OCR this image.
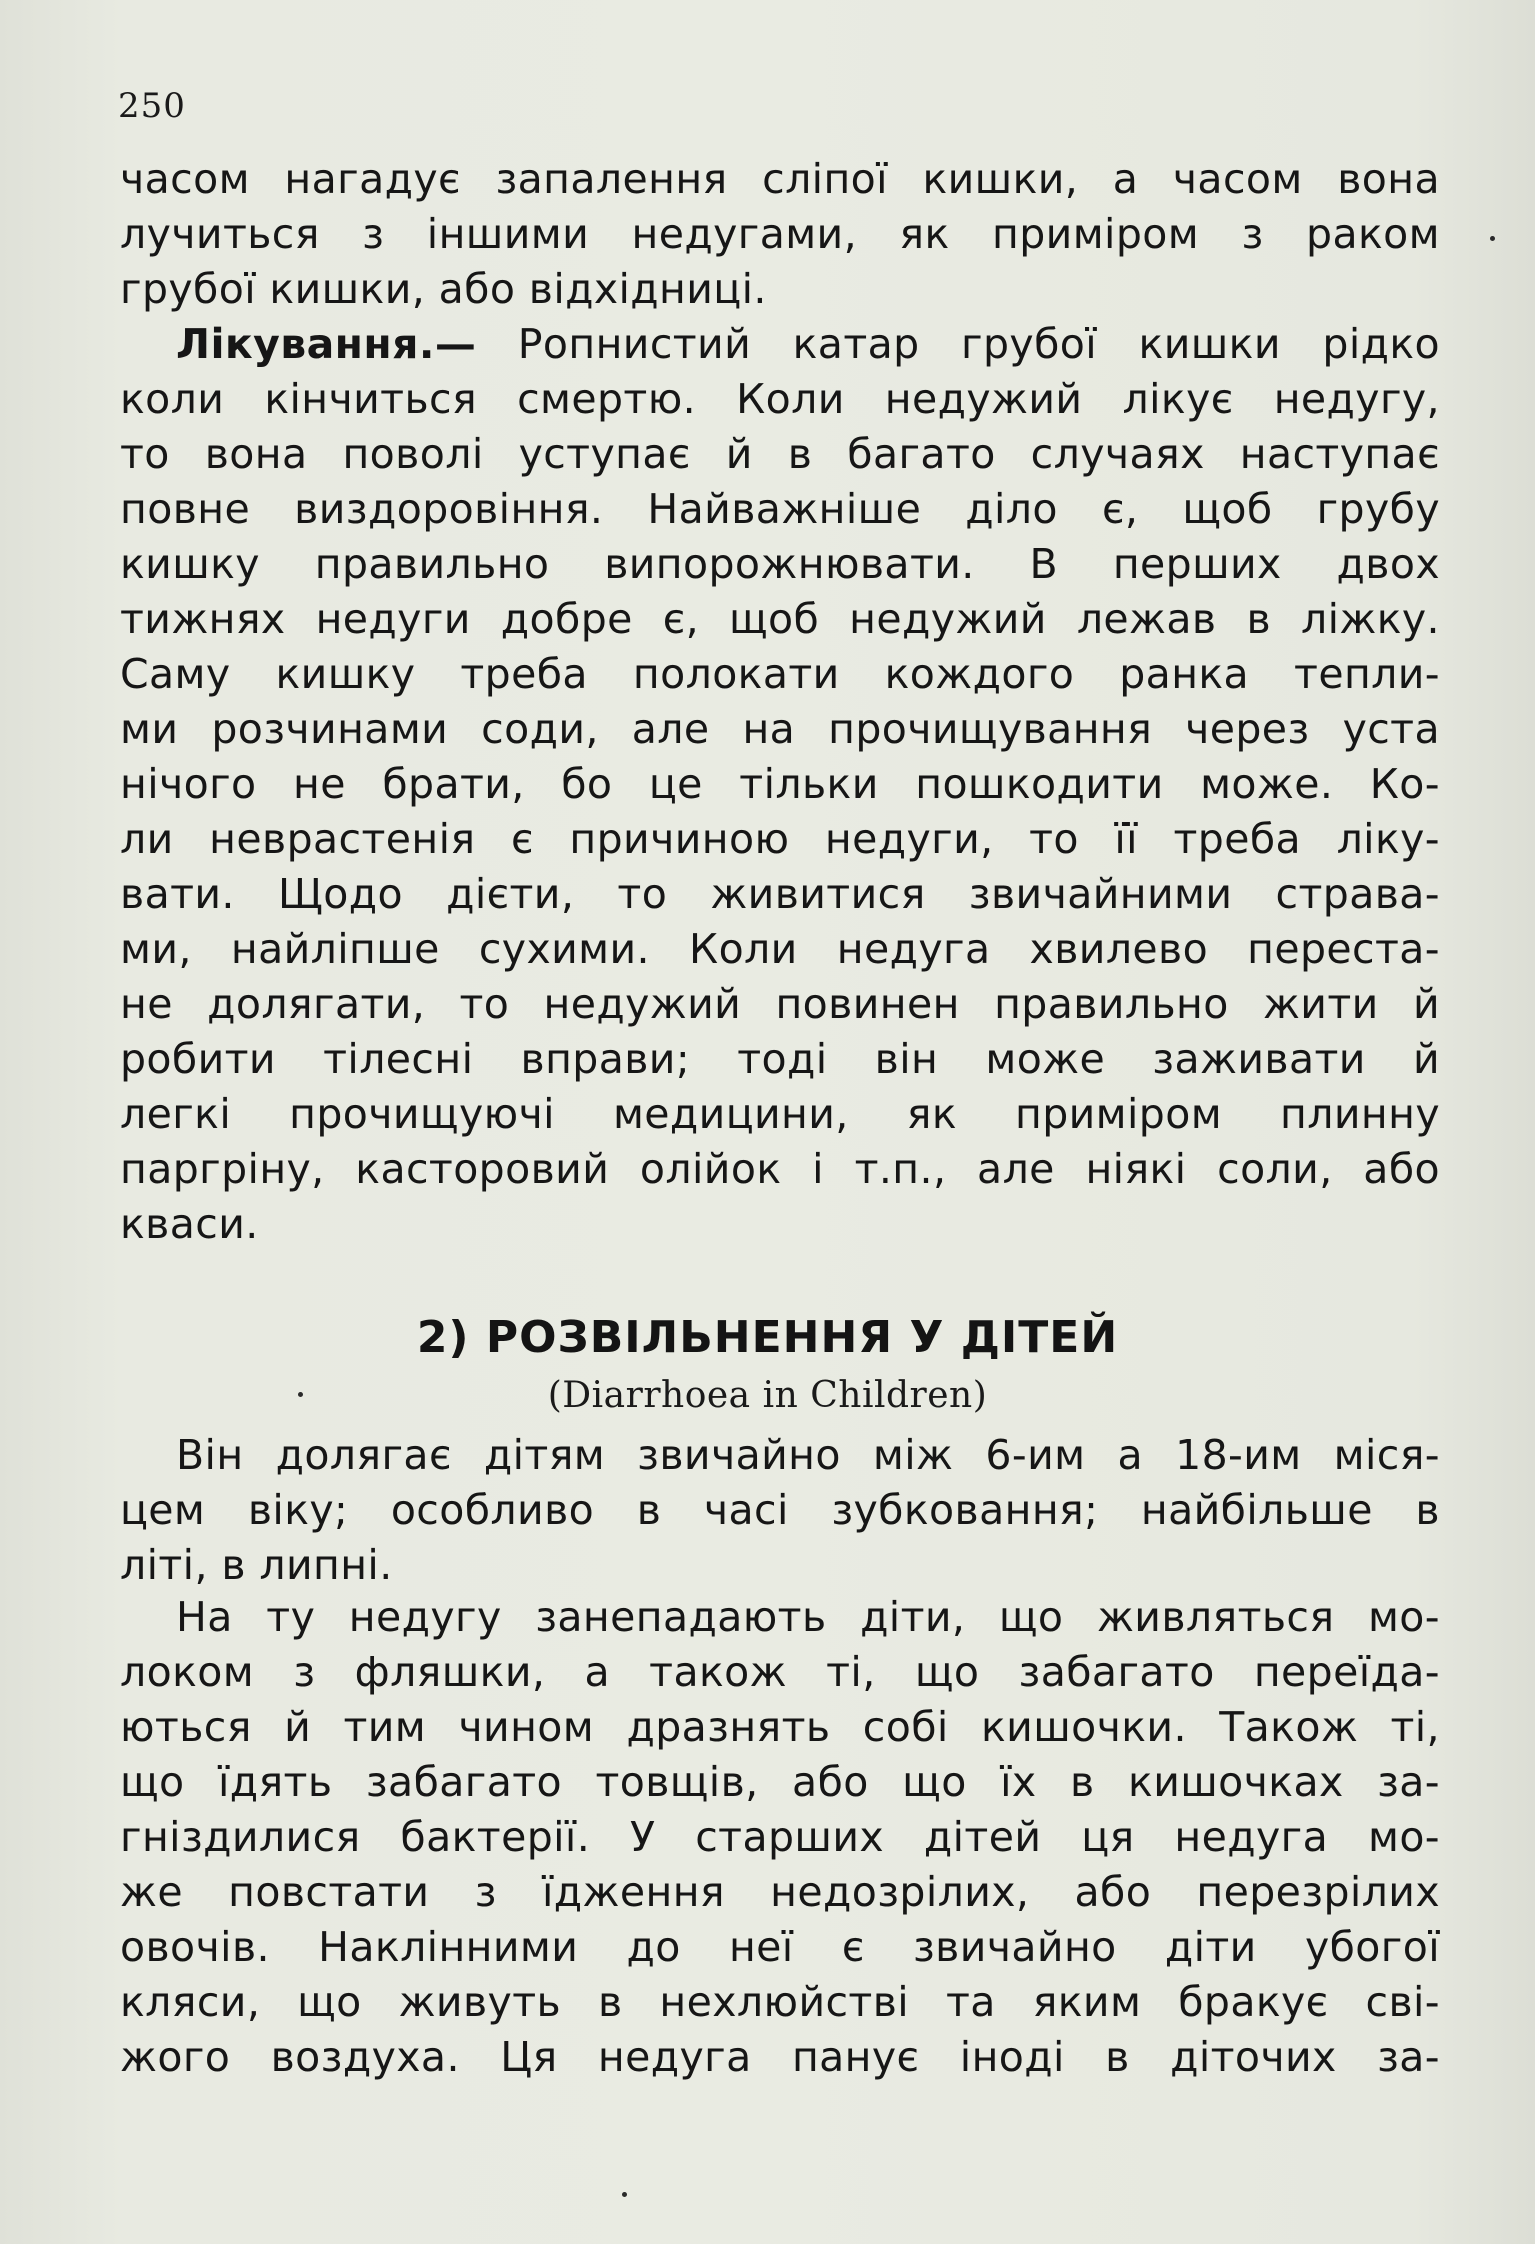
250
часом нагадує запалення сліпої кишки, а часом вона
лучиться з іншими недугами, як приміром з раком
грубої кишки, або відхідниці.
Лікування.— Ропнистий катар грубої кишки рідко
коли кінчиться смертю. Коли недужий лікує недугу,
то вона поволі уступає й в багато случаях наступає
повне виздоровіння. Найважніше діло є, щоб грубу
кишку правильно випорожнювати. В перших двох
тижнях недуги добре є, щоб недужий лежав в ліжку.
Саму кишку треба полокати кождого ранка тепли-
ми розчинами соди, але на прочищування через уста
нічого не брати, бо це тільки пошкодити може. Ко-
ли неврастенія є причиною недуги, то її треба ліку-
вати. Щодо дієти, то живитися звичайними страва-
ми, найліпше сухими. Коли недуга хвилево переста-
не долягати, то недужий повинен правильно жити й
робити тілесні вправи; тоді він може заживати й
легкі прочищуючі медицини, як приміром плинну
паргріну, касторовий олійок і т.п., але ніякі соли, або
кваси.
2) РОЗВІЛЬНЕННЯ У ДІТЕЙ
(Diarrhoea in Children)
Він долягає дітям звичайно між 6-им а 18-им міся-
цем віку; особливо в часі зубковання; найбільше в
літі, в липні.
На ту недугу занепадають діти, що живляться мо-
локом з фляшки, а також ті, що забагато переїда-
ються й тим чином дразнять собі кишочки. Також ті,
що їдять забагато товщів, або що їх в кишочках за-
гніздилися бактерії. У старших дітей ця недуга мо-
же повстати з їдження недозрілих, або перезрілих
овочів. Наклінними до неї є звичайно діти убогої
кляси, що живуть в нехлюйстві та яким бракує сві-
жого воздуха. Ця недуга панує іноді в діточих за-
